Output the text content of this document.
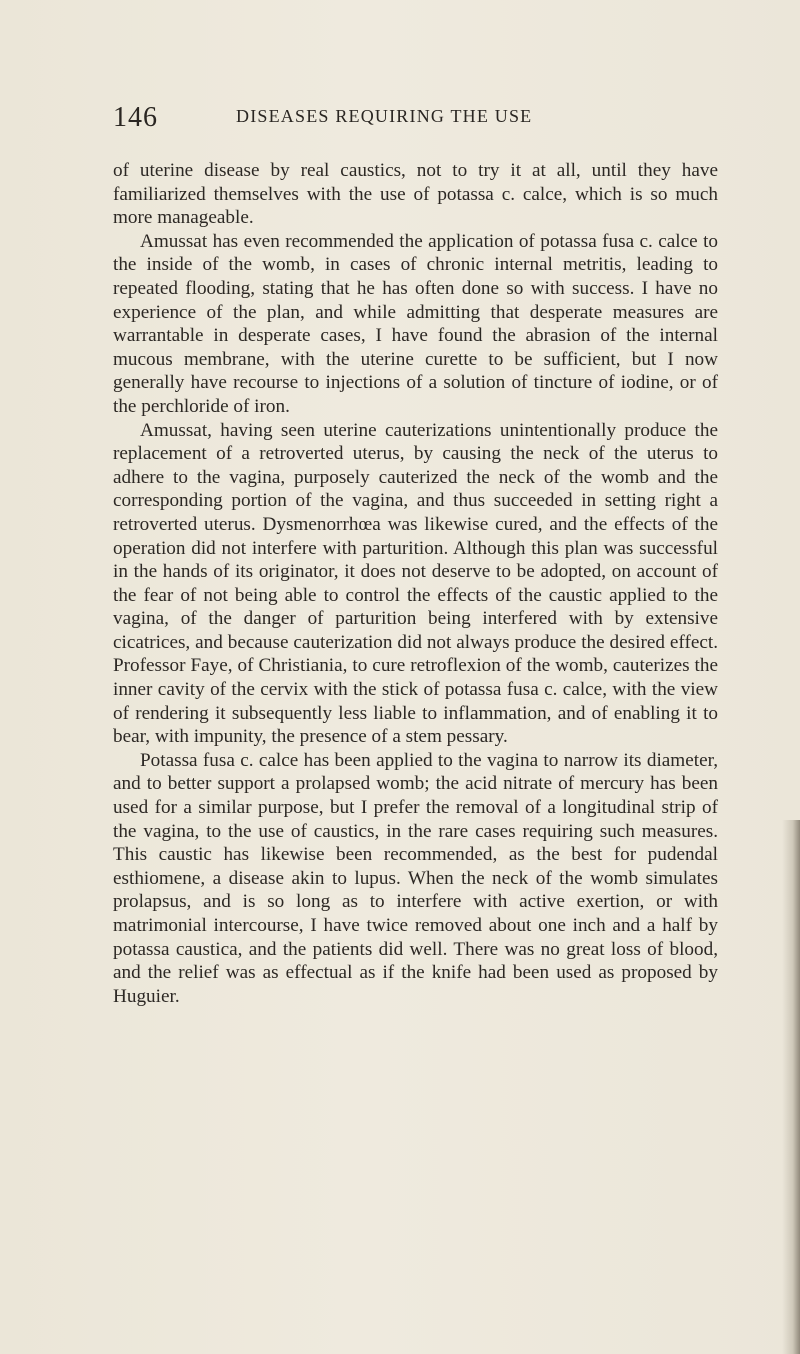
146	DISEASES REQUIRING THE USE

of uterine disease by real caustics, not to try it at all, until they have familiarized themselves with the use of potassa c. calce, which is so much more manageable.

Amussat has even recommended the application of potassa fusa c. calce to the inside of the womb, in cases of chronic internal metritis, leading to repeated flooding, stating that he has often done so with success. I have no experience of the plan, and while admitting that desperate measures are warrantable in desperate cases, I have found the abrasion of the internal mucous membrane, with the uterine curette to be sufficient, but I now generally have recourse to injections of a solution of tincture of iodine, or of the perchloride of iron.

Amussat, having seen uterine cauterizations unintentionally produce the replacement of a retroverted uterus, by causing the neck of the uterus to adhere to the vagina, purposely cauterized the neck of the womb and the corresponding portion of the vagina, and thus succeeded in setting right a retroverted uterus. Dysmenorrhœa was likewise cured, and the effects of the operation did not interfere with parturition. Although this plan was successful in the hands of its originator, it does not deserve to be adopted, on account of the fear of not being able to control the effects of the caustic applied to the vagina, of the danger of parturition being interfered with by extensive cicatrices, and because cauterization did not always produce the desired effect. Professor Faye, of Christiania, to cure retroflexion of the womb, cauterizes the inner cavity of the cervix with the stick of potassa fusa c. calce, with the view of rendering it subsequently less liable to inflammation, and of enabling it to bear, with impunity, the presence of a stem pessary.

Potassa fusa c. calce has been applied to the vagina to narrow its diameter, and to better support a prolapsed womb; the acid nitrate of mercury has been used for a similar purpose, but I prefer the removal of a longitudinal strip of the vagina, to the use of caustics, in the rare cases requiring such measures. This caustic has likewise been recommended, as the best for pudendal esthiomene, a disease akin to lupus. When the neck of the womb simulates prolapsus, and is so long as to interfere with active exertion, or with matrimonial intercourse, I have twice removed about one inch and a half by potassa caustica, and the patients did well. There was no great loss of blood, and the relief was as effectual as if the knife had been used as proposed by Huguier.
